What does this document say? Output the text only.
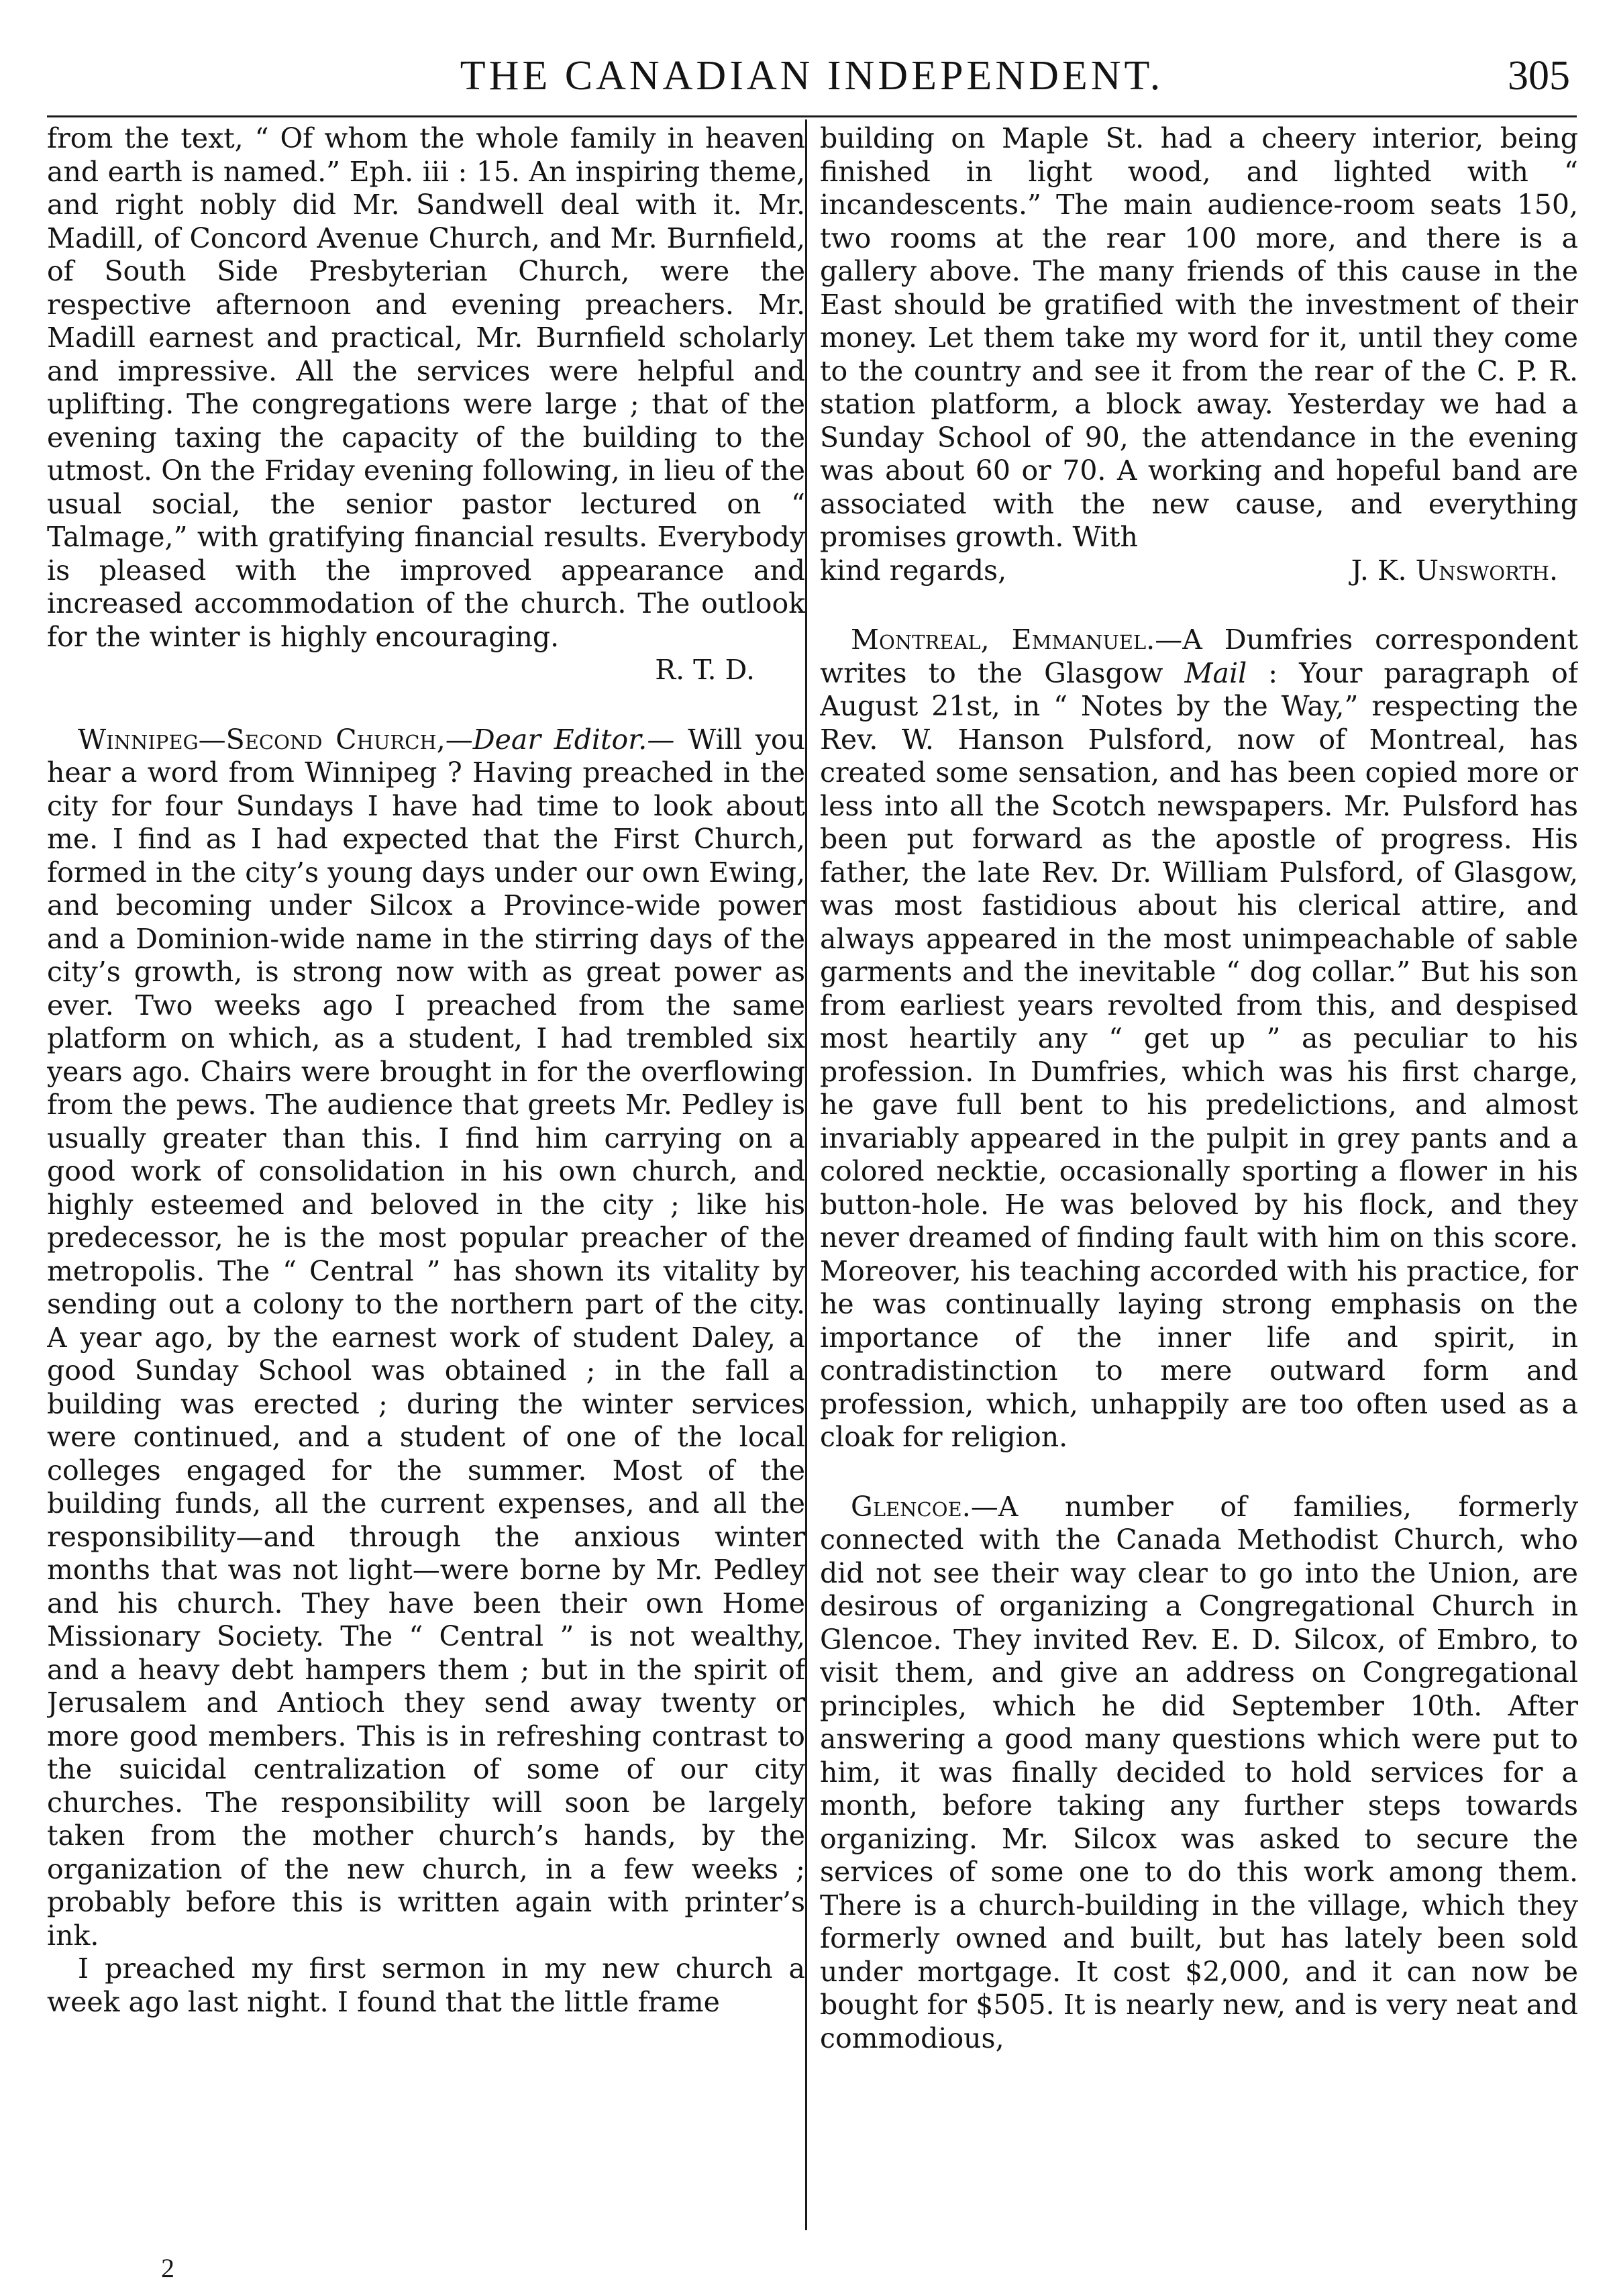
THE CANADIAN INDEPENDENT.	305

from the text, “ Of whom the whole family in heaven and earth is named.” Eph. iii : 15. An inspiring theme, and right nobly did Mr. Sandwell deal with it. Mr. Madill, of Concord Avenue Church, and Mr. Burnfield, of South Side Presbyterian Church, were the respective afternoon and evening preachers. Mr. Madill earnest and practical, Mr. Burnfield scholarly and impressive. All the services were helpful and uplifting. The congregations were large ; that of the evening taxing the capacity of the building to the utmost. On the Friday evening following, in lieu of the usual social, the senior pastor lectured on “ Talmage,” with gratifying financial results. Everybody is pleased with the improved appearance and increased accommodation of the church. The outlook for the winter is highly encouraging.

R. T. D.

Winnipeg—Second Church,—Dear Editor.— Will you hear a word from Winnipeg ? Having preached in the city for four Sundays I have had time to look about me. I find as I had expected that the First Church, formed in the city’s young days under our own Ewing, and becoming under Silcox a Province-wide power and a Dominion-wide name in the stirring days of the city’s growth, is strong now with as great power as ever. Two weeks ago I preached from the same platform on which, as a student, I had trembled six years ago. Chairs were brought in for the overflowing from the pews. The audience that greets Mr. Pedley is usually greater than this. I find him carrying on a good work of consolidation in his own church, and highly esteemed and beloved in the city ; like his predecessor, he is the most popular preacher of the metropolis. The “ Central ” has shown its vitality by sending out a colony to the northern part of the city. A year ago, by the earnest work of student Daley, a good Sunday School was obtained ; in the fall a building was erected ; during the winter services were continued, and a student of one of the local colleges engaged for the summer. Most of the building funds, all the current expenses, and all the responsibility—and through the anxious winter months that was not light—were borne by Mr. Pedley and his church. They have been their own Home Missionary Society. The “ Central ” is not wealthy, and a heavy debt hampers them ; but in the spirit of Jerusalem and Antioch they send away twenty or more good members. This is in refreshing contrast to the suicidal centralization of some of our city churches. The responsibility will soon be largely taken from the mother church’s hands, by the organization of the new church, in a few weeks ; probably before this is written again with printer’s ink.

I preached my first sermon in my new church a week ago last night. I found that the little frame

building on Maple St. had a cheery interior, being finished in light wood, and lighted with “ incandescents.” The main audience-room seats 150, two rooms at the rear 100 more, and there is a gallery above. The many friends of this cause in the East should be gratified with the investment of their money. Let them take my word for it, until they come to the country and see it from the rear of the C. P. R. station platform, a block away. Yesterday we had a Sunday School of 90, the attendance in the evening was about 60 or 70. A working and hopeful band are associated with the new cause, and everything promises growth. With

kind regards,	J. K. Unsworth.

Montreal, Emmanuel.—A Dumfries correspondent writes to the Glasgow Mail : Your paragraph of August 21st, in “ Notes by the Way,” respecting the Rev. W. Hanson Pulsford, now of Montreal, has created some sensation, and has been copied more or less into all the Scotch newspapers. Mr. Pulsford has been put forward as the apostle of progress. His father, the late Rev. Dr. William Pulsford, of Glasgow, was most fastidious about his clerical attire, and always appeared in the most unimpeachable of sable garments and the inevitable “ dog collar.” But his son from earliest years revolted from this, and despised most heartily any “ get up ” as peculiar to his profession. In Dumfries, which was his first charge, he gave full bent to his predelictions, and almost invariably appeared in the pulpit in grey pants and a colored necktie, occasionally sporting a flower in his button-hole. He was beloved by his flock, and they never dreamed of finding fault with him on this score. Moreover, his teaching accorded with his practice, for he was continually laying strong emphasis on the importance of the inner life and spirit, in contradistinction to mere outward form and profession, which, unhappily are too often used as a cloak for religion.

Glencoe.—A number of families, formerly connected with the Canada Methodist Church, who did not see their way clear to go into the Union, are desirous of organizing a Congregational Church in Glencoe. They invited Rev. E. D. Silcox, of Embro, to visit them, and give an address on Congregational principles, which he did September 10th. After answering a good many questions which were put to him, it was finally decided to hold services for a month, before taking any further steps towards organizing. Mr. Silcox was asked to secure the services of some one to do this work among them. There is a church-building in the village, which they formerly owned and built, but has lately been sold under mortgage. It cost $2,000, and it can now be bought for $505. It is nearly new, and is very neat and commodious,

2
